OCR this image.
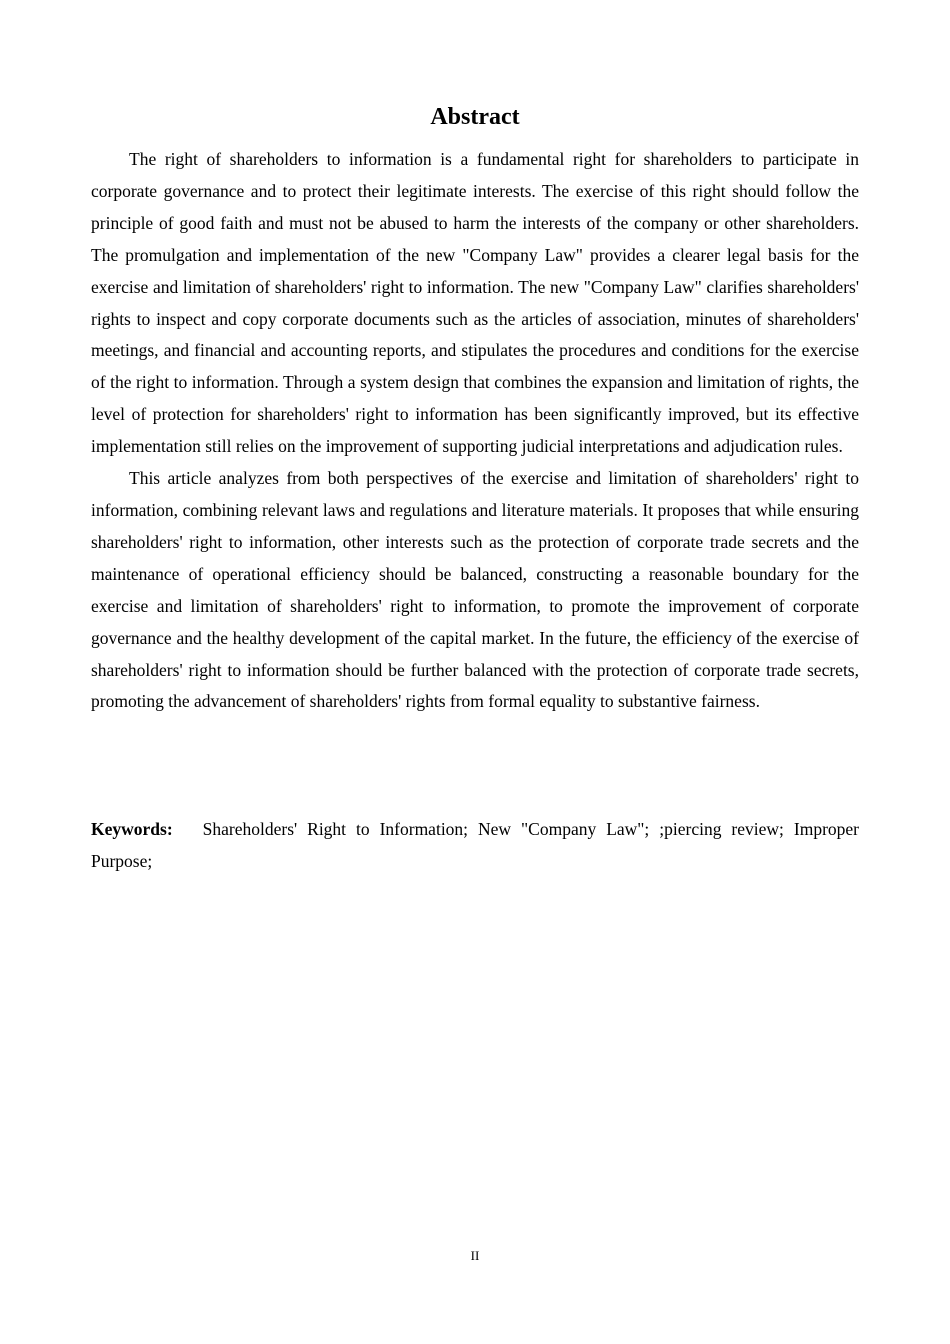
Abstract

The right of shareholders to information is a fundamental right for shareholders to participate in corporate governance and to protect their legitimate interests. The exercise of this right should follow the principle of good faith and must not be abused to harm the interests of the company or other shareholders. The promulgation and implementation of the new "Company Law" provides a clearer legal basis for the exercise and limitation of shareholders' right to information. The new "Company Law" clarifies shareholders' rights to inspect and copy corporate documents such as the articles of association, minutes of shareholders' meetings, and financial and accounting reports, and stipulates the procedures and conditions for the exercise of the right to information. Through a system design that combines the expansion and limitation of rights, the level of protection for shareholders' right to information has been significantly improved, but its effective implementation still relies on the improvement of supporting judicial interpretations and adjudication rules.

This article analyzes from both perspectives of the exercise and limitation of shareholders' right to information, combining relevant laws and regulations and literature materials. It proposes that while ensuring shareholders' right to information, other interests such as the protection of corporate trade secrets and the maintenance of operational efficiency should be balanced, constructing a reasonable boundary for the exercise and limitation of shareholders' right to information, to promote the improvement of corporate governance and the healthy development of the capital market. In the future, the efficiency of the exercise of shareholders' right to information should be further balanced with the protection of corporate trade secrets, promoting the advancement of shareholders' rights from formal equality to substantive fairness.

Keywords: Shareholders' Right to Information; New "Company Law"; ;piercing review; Improper Purpose;

II
